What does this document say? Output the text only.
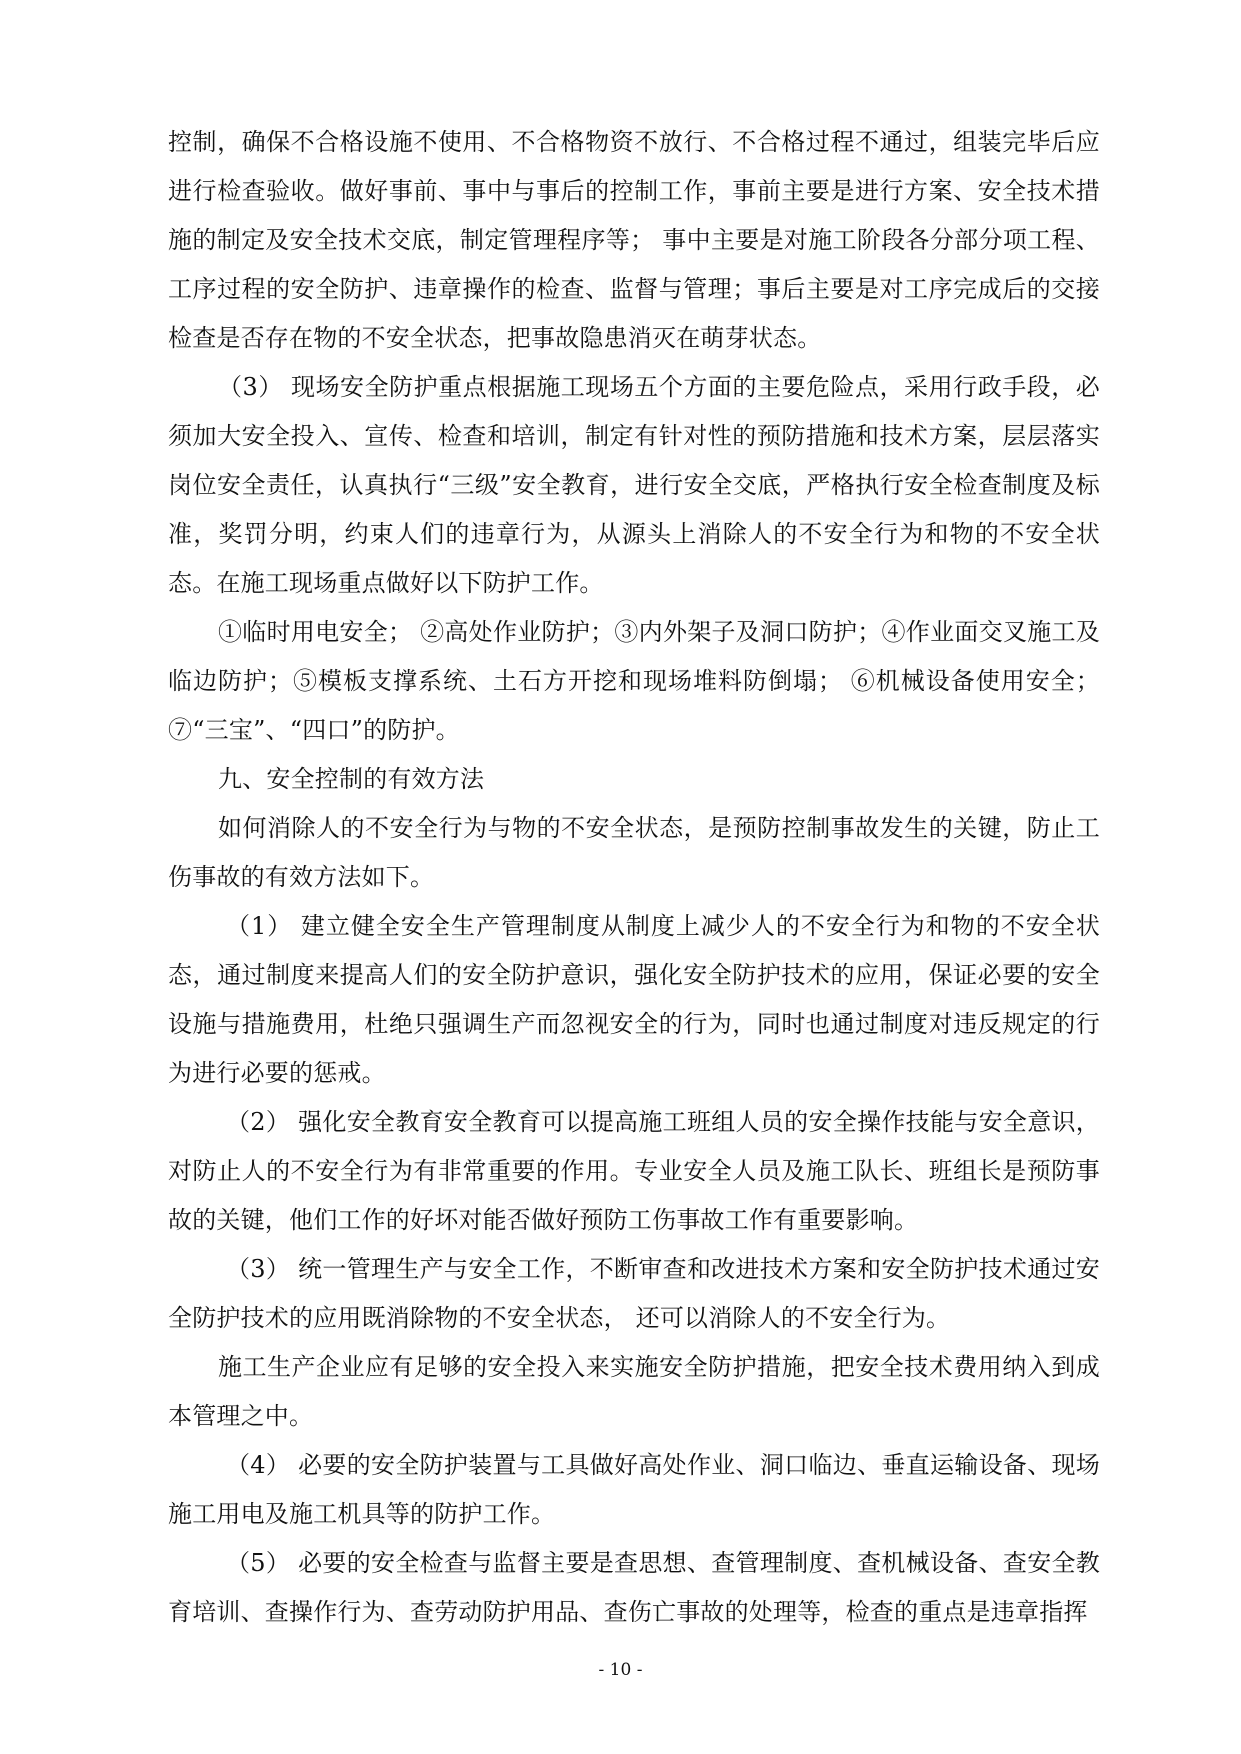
控制，确保不合格设施不使用、不合格物资不放行、不合格过程不通过，组装完毕后应进行检查验收。做好事前、事中与事后的控制工作，事前主要是进行方案、安全技术措施的制定及安全技术交底，制定管理程序等； 事中主要是对施工阶段各分部分项工程、工序过程的安全防护、违章操作的检查、监督与管理；事后主要是对工序完成后的交接检查是否存在物的不安全状态，把事故隐患消灭在萌芽状态。

（3） 现场安全防护重点根据施工现场五个方面的主要危险点，采用行政手段，必须加大安全投入、宣传、检查和培训，制定有针对性的预防措施和技术方案，层层落实岗位安全责任，认真执行“三级”安全教育，进行安全交底，严格执行安全检查制度及标准，奖罚分明，约束人们的违章行为，从源头上消除人的不安全行为和物的不安全状态。在施工现场重点做好以下防护工作。

①临时用电安全； ②高处作业防护；③内外架子及洞口防护；④作业面交叉施工及临边防护；⑤模板支撑系统、土石方开挖和现场堆料防倒塌； ⑥机械设备使用安全；⑦“三宝”、“四口”的防护。

九、安全控制的有效方法

如何消除人的不安全行为与物的不安全状态，是预防控制事故发生的关键，防止工伤事故的有效方法如下。

（1） 建立健全安全生产管理制度从制度上减少人的不安全行为和物的不安全状态，通过制度来提高人们的安全防护意识，强化安全防护技术的应用，保证必要的安全设施与措施费用，杜绝只强调生产而忽视安全的行为，同时也通过制度对违反规定的行为进行必要的惩戒。

（2） 强化安全教育安全教育可以提高施工班组人员的安全操作技能与安全意识，对防止人的不安全行为有非常重要的作用。专业安全人员及施工队长、班组长是预防事故的关键，他们工作的好坏对能否做好预防工伤事故工作有重要影响。

（3） 统一管理生产与安全工作，不断审查和改进技术方案和安全防护技术通过安全防护技术的应用既消除物的不安全状态， 还可以消除人的不安全行为。

施工生产企业应有足够的安全投入来实施安全防护措施，把安全技术费用纳入到成本管理之中。

（4） 必要的安全防护装置与工具做好高处作业、洞口临边、垂直运输设备、现场施工用电及施工机具等的防护工作。

（5） 必要的安全检查与监督主要是查思想、查管理制度、查机械设备、查安全教育培训、查操作行为、查劳动防护用品、查伤亡事故的处理等，检查的重点是违章指挥

- 10 -
